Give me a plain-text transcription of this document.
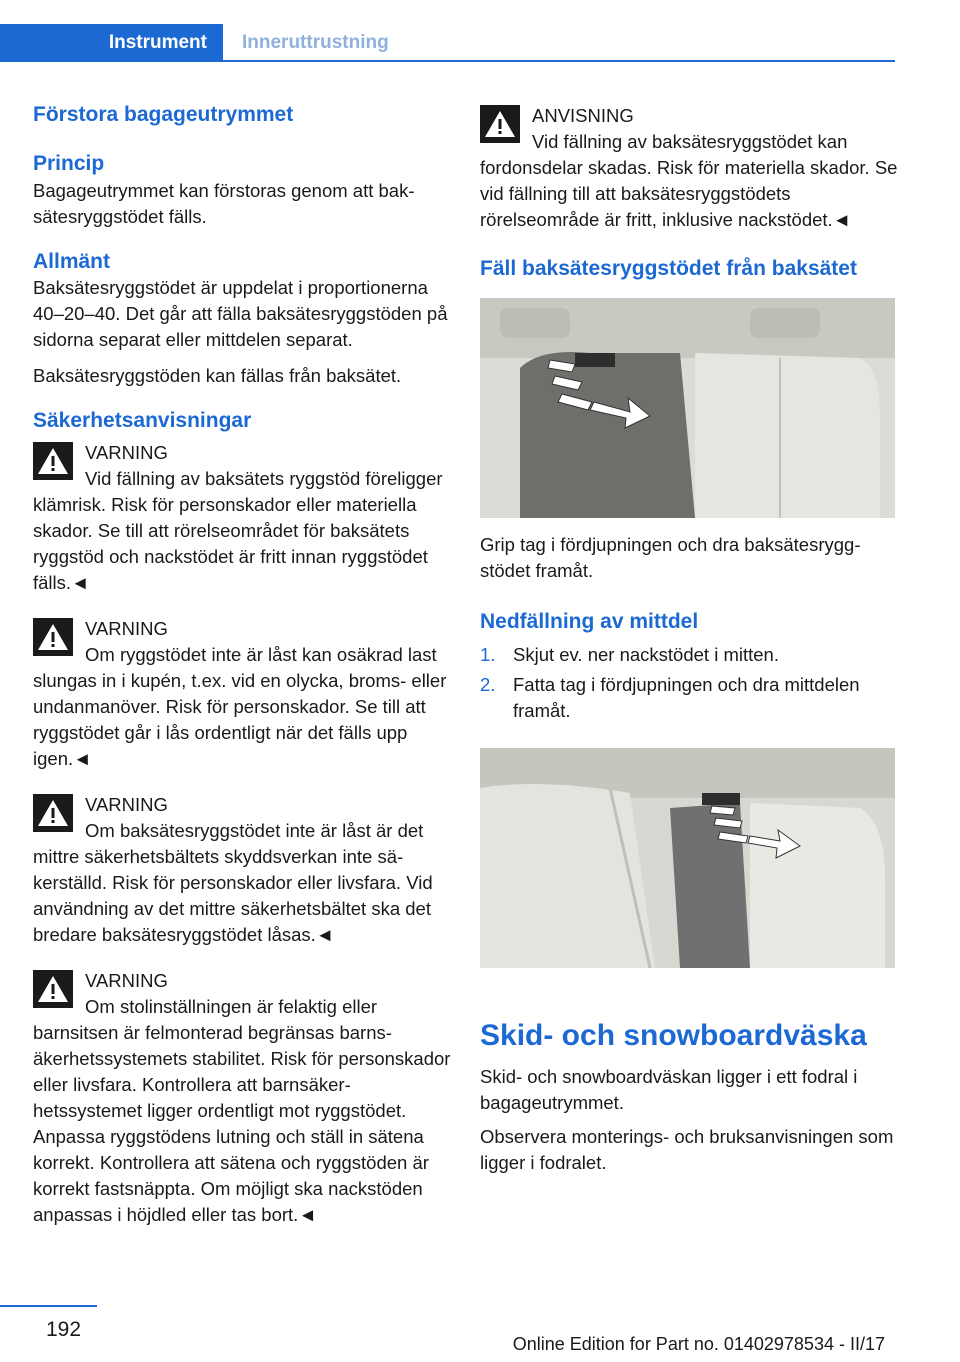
Instrument	Inneruttrustning
Förstora bagageutrymmet
Princip

Bagageutrymmet kan förstoras genom att baksätesryggstödet fälls.

Allmänt

Baksätesryggstödet är uppdelat i proportionerna 40–20–40. Det går att fälla baksätesryggstöden på sidorna separat eller mittdelen separat.

Baksätesryggstöden kan fällas från baksätet.

Säkerhetsanvisningar
VARNING
Vid fällning av baksätets ryggstöd föreligger klämrisk. Risk för personskador eller materiella skador. Se till att rörelseområdet för baksätets ryggstöd och nackstödet är fritt innan ryggstödet fälls.◄
VARNING
Om ryggstödet inte är låst kan osäkrad last slungas in i kupén, t.ex. vid en olycka, broms- eller undanmanöver. Risk för personskador. Se till att ryggstödet går i lås ordentligt när det fälls upp igen.◄
VARNING
Om baksätesryggstödet inte är låst är det mittre säkerhetsbältets skyddsverkan inte säkerställd. Risk för personskador eller livsfara. Vid användning av det mittre säkerhetsbältet ska det bredare baksätesryggstödet låsas.◄
VARNING
Om stolinställningen är felaktig eller barnsitsen är felmonterad begränsas barnsäkerhetssystemets stabilitet. Risk för personskador eller livsfara. Kontrollera att barnsäkerhetssystemet ligger ordentligt mot ryggstödet. Anpassa ryggstödens lutning och ställ in sätena korrekt. Kontrollera att sätena och ryggstöden är korrekt fastsnäppta. Om möjligt ska nackstöden anpassas i höjdled eller tas bort.◄
ANVISNING
Vid fällning av baksätesryggstödet kan fordonsdelar skadas. Risk för materiella skador. Se vid fällning till att baksätesryggstödets rörelseområde är fritt, inklusive nackstödet.◄
Fäll baksätesryggstödet från baksätet

Grip tag i fördjupningen och dra baksätesryggstödet framåt.

Nedfällning av mittdel
1. Skjut ev. ner nackstödet i mitten.
2. Fatta tag i fördjupningen och dra mittdelen framåt.
Skid- och snowboardväska

Skid- och snowboardväskan ligger i ett fodral i bagageutrymmet.

Observera monterings- och bruksanvisningen som ligger i fodralet.

192
Online Edition for Part no. 01402978534 - II/17
